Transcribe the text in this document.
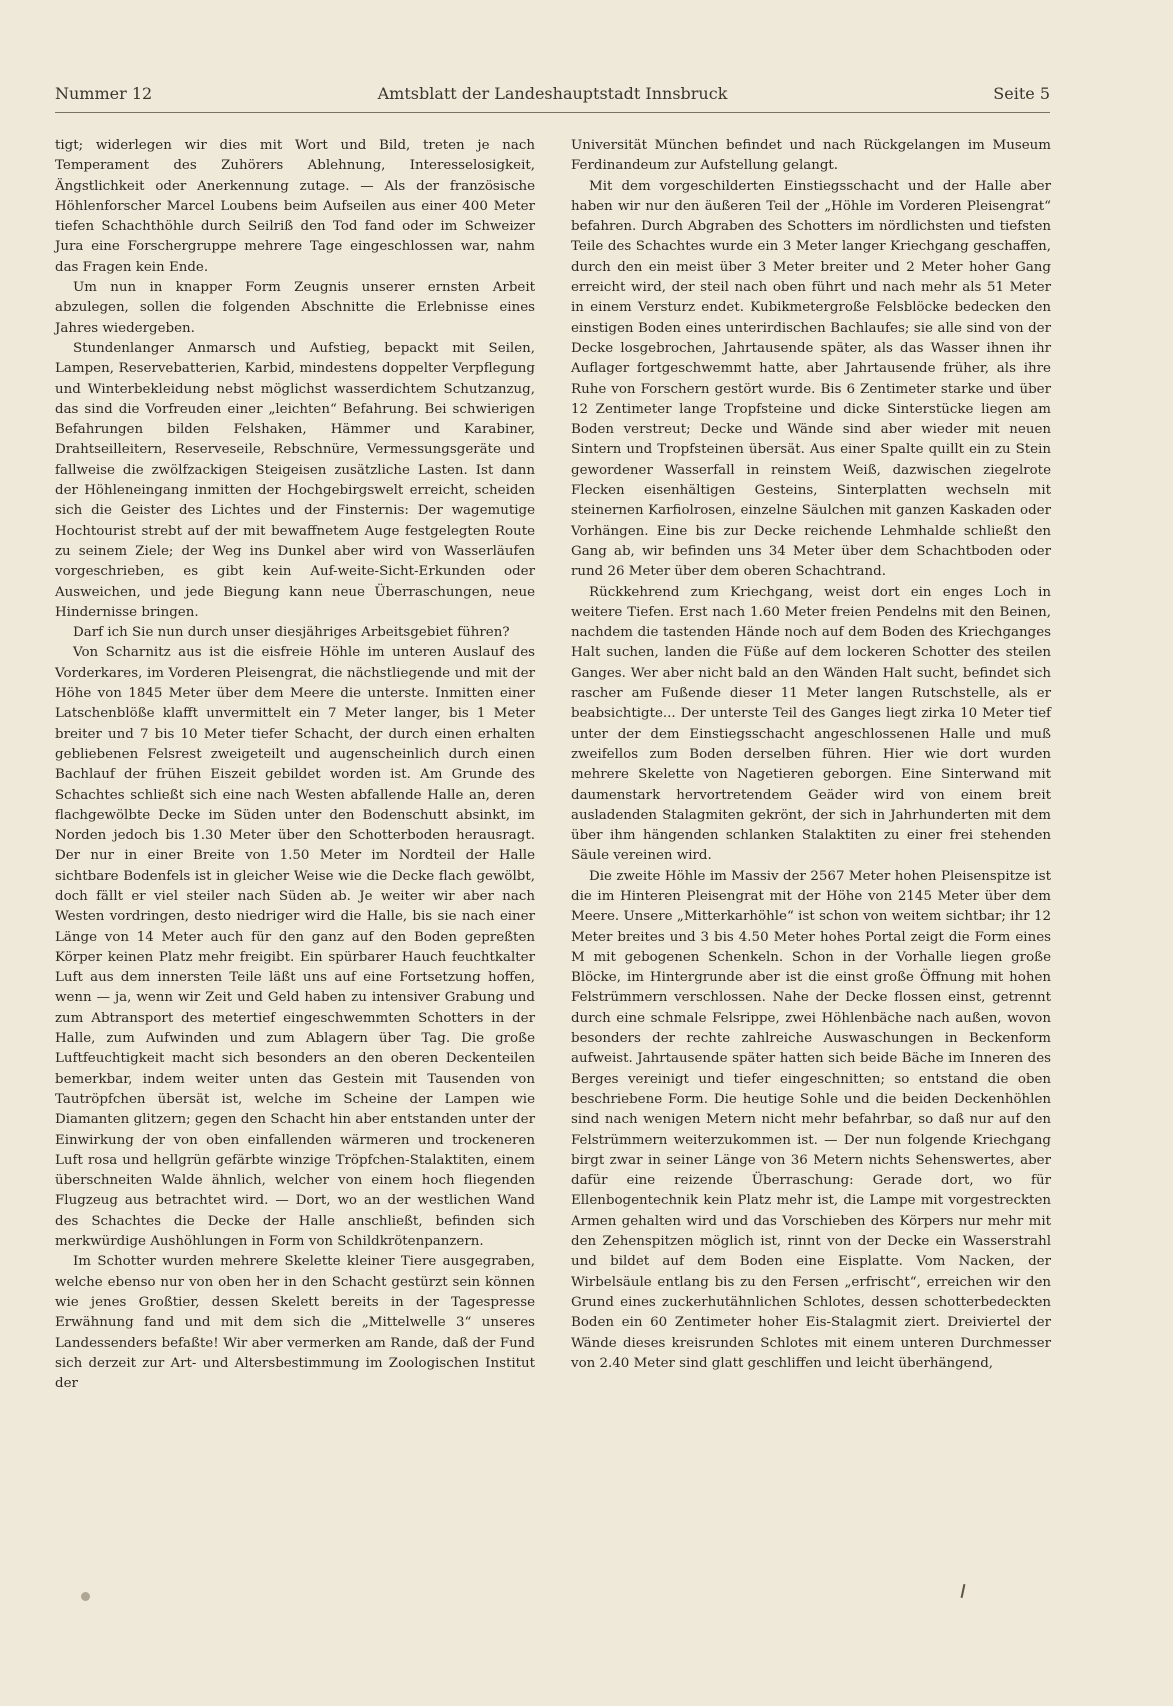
Nummer 12	Amtsblatt der Landeshauptstadt Innsbruck	Seite 5

tigt; widerlegen wir dies mit Wort und Bild, treten je nach Temperament des Zuhörers Ablehnung, Interesselosigkeit, Ängstlichkeit oder Anerkennung zutage. — Als der französische Höhlenforscher Marcel Loubens beim Aufseilen aus einer 400 Meter tiefen Schachthöhle durch Seilriß den Tod fand oder im Schweizer Jura eine Forschergruppe mehrere Tage eingeschlossen war, nahm das Fragen kein Ende.

Um nun in knapper Form Zeugnis unserer ernsten Arbeit abzulegen, sollen die folgenden Abschnitte die Erlebnisse eines Jahres wiedergeben.

Stundenlanger Anmarsch und Aufstieg, bepackt mit Seilen, Lampen, Reservebatterien, Karbid, mindestens doppelter Verpflegung und Winterbekleidung nebst möglichst wasserdichtem Schutzanzug, das sind die Vorfreuden einer „leichten“ Befahrung. Bei schwierigen Befahrungen bilden Felshaken, Hämmer und Karabiner, Drahtseilleitern, Reserveseile, Rebschnüre, Vermessungsgeräte und fallweise die zwölfzackigen Steigeisen zusätzliche Lasten. Ist dann der Höhleneingang inmitten der Hochgebirgswelt erreicht, scheiden sich die Geister des Lichtes und der Finsternis: Der wagemutige Hochtourist strebt auf der mit bewaffnetem Auge festgelegten Route zu seinem Ziele; der Weg ins Dunkel aber wird von Wasserläufen vorgeschrieben, es gibt kein Auf-weite-Sicht-Erkunden oder Ausweichen, und jede Biegung kann neue Überraschungen, neue Hindernisse bringen.

Darf ich Sie nun durch unser diesjähriges Arbeitsgebiet führen?

Von Scharnitz aus ist die eisfreie Höhle im unteren Auslauf des Vorderkares, im Vorderen Pleisengrat, die nächstliegende und mit der Höhe von 1845 Meter über dem Meere die unterste. Inmitten einer Latschenblöße klafft unvermittelt ein 7 Meter langer, bis 1 Meter breiter und 7 bis 10 Meter tiefer Schacht, der durch einen erhalten gebliebenen Felsrest zweigeteilt und augenscheinlich durch einen Bachlauf der frühen Eiszeit gebildet worden ist. Am Grunde des Schachtes schließt sich eine nach Westen abfallende Halle an, deren flachgewölbte Decke im Süden unter den Bodenschutt absinkt, im Norden jedoch bis 1.30 Meter über den Schotterboden herausragt. Der nur in einer Breite von 1.50 Meter im Nordteil der Halle sichtbare Bodenfels ist in gleicher Weise wie die Decke flach gewölbt, doch fällt er viel steiler nach Süden ab. Je weiter wir aber nach Westen vordringen, desto niedriger wird die Halle, bis sie nach einer Länge von 14 Meter auch für den ganz auf den Boden gepreßten Körper keinen Platz mehr freigibt. Ein spürbarer Hauch feuchtkalter Luft aus dem innersten Teile läßt uns auf eine Fortsetzung hoffen, wenn — ja, wenn wir Zeit und Geld haben zu intensiver Grabung und zum Abtransport des metertief eingeschwemmten Schotters in der Halle, zum Aufwinden und zum Ablagern über Tag. Die große Luftfeuchtigkeit macht sich besonders an den oberen Deckenteilen bemerkbar, indem weiter unten das Gestein mit Tausenden von Tautröpfchen übersät ist, welche im Scheine der Lampen wie Diamanten glitzern; gegen den Schacht hin aber entstanden unter der Einwirkung der von oben einfallenden wärmeren und trockeneren Luft rosa und hellgrün gefärbte winzige Tröpfchen-Stalaktiten, einem überschneiten Walde ähnlich, welcher von einem hoch fliegenden Flugzeug aus betrachtet wird. — Dort, wo an der westlichen Wand des Schachtes die Decke der Halle anschließt, befinden sich merkwürdige Aushöhlungen in Form von Schildkrötenpanzern.

Im Schotter wurden mehrere Skelette kleiner Tiere ausgegraben, welche ebenso nur von oben her in den Schacht gestürzt sein können wie jenes Großtier, dessen Skelett bereits in der Tagespresse Erwähnung fand und mit dem sich die „Mittelwelle 3“ unseres Landessenders befaßte! Wir aber vermerken am Rande, daß der Fund sich derzeit zur Art- und Altersbestimmung im Zoologischen Institut der

Universität München befindet und nach Rückgelangen im Museum Ferdinandeum zur Aufstellung gelangt.

Mit dem vorgeschilderten Einstiegsschacht und der Halle aber haben wir nur den äußeren Teil der „Höhle im Vorderen Pleisengrat“ befahren. Durch Abgraben des Schotters im nördlichsten und tiefsten Teile des Schachtes wurde ein 3 Meter langer Kriechgang geschaffen, durch den ein meist über 3 Meter breiter und 2 Meter hoher Gang erreicht wird, der steil nach oben führt und nach mehr als 51 Meter in einem Versturz endet. Kubikmetergroße Felsblöcke bedecken den einstigen Boden eines unterirdischen Bachlaufes; sie alle sind von der Decke losgebrochen, Jahrtausende später, als das Wasser ihnen ihr Auflager fortgeschwemmt hatte, aber Jahrtausende früher, als ihre Ruhe von Forschern gestört wurde. Bis 6 Zentimeter starke und über 12 Zentimeter lange Tropfsteine und dicke Sinterstücke liegen am Boden verstreut; Decke und Wände sind aber wieder mit neuen Sintern und Tropfsteinen übersät. Aus einer Spalte quillt ein zu Stein gewordener Wasserfall in reinstem Weiß, dazwischen ziegelrote Flecken eisenhältigen Gesteins, Sinterplatten wechseln mit steinernen Karfiolrosen, einzelne Säulchen mit ganzen Kaskaden oder Vorhängen. Eine bis zur Decke reichende Lehmhalde schließt den Gang ab, wir befinden uns 34 Meter über dem Schachtboden oder rund 26 Meter über dem oberen Schachtrand.

Rückkehrend zum Kriechgang, weist dort ein enges Loch in weitere Tiefen. Erst nach 1.60 Meter freien Pendelns mit den Beinen, nachdem die tastenden Hände noch auf dem Boden des Kriechganges Halt suchen, landen die Füße auf dem lockeren Schotter des steilen Ganges. Wer aber nicht bald an den Wänden Halt sucht, befindet sich rascher am Fußende dieser 11 Meter langen Rutschstelle, als er beabsichtigte... Der unterste Teil des Ganges liegt zirka 10 Meter tief unter der dem Einstiegsschacht angeschlossenen Halle und muß zweifellos zum Boden derselben führen. Hier wie dort wurden mehrere Skelette von Nagetieren geborgen. Eine Sinterwand mit daumenstark hervortretendem Geäder wird von einem breit ausladenden Stalagmiten gekrönt, der sich in Jahrhunderten mit dem über ihm hängenden schlanken Stalaktiten zu einer frei stehenden Säule vereinen wird.

Die zweite Höhle im Massiv der 2567 Meter hohen Pleisenspitze ist die im Hinteren Pleisengrat mit der Höhe von 2145 Meter über dem Meere. Unsere „Mitterkarhöhle“ ist schon von weitem sichtbar; ihr 12 Meter breites und 3 bis 4.50 Meter hohes Portal zeigt die Form eines M mit gebogenen Schenkeln. Schon in der Vorhalle liegen große Blöcke, im Hintergrunde aber ist die einst große Öffnung mit hohen Felstrümmern verschlossen. Nahe der Decke flossen einst, getrennt durch eine schmale Felsrippe, zwei Höhlenbäche nach außen, wovon besonders der rechte zahlreiche Auswaschungen in Beckenform aufweist. Jahrtausende später hatten sich beide Bäche im Inneren des Berges vereinigt und tiefer eingeschnitten; so entstand die oben beschriebene Form. Die heutige Sohle und die beiden Deckenhöhlen sind nach wenigen Metern nicht mehr befahrbar, so daß nur auf den Felstrümmern weiterzukommen ist. — Der nun folgende Kriechgang birgt zwar in seiner Länge von 36 Metern nichts Sehenswertes, aber dafür eine reizende Überraschung: Gerade dort, wo für Ellenbogentechnik kein Platz mehr ist, die Lampe mit vorgestreckten Armen gehalten wird und das Vorschieben des Körpers nur mehr mit den Zehenspitzen möglich ist, rinnt von der Decke ein Wasserstrahl und bildet auf dem Boden eine Eisplatte. Vom Nacken, der Wirbelsäule entlang bis zu den Fersen „erfrischt“, erreichen wir den Grund eines zuckerhutähnlichen Schlotes, dessen schotterbedeckten Boden ein 60 Zentimeter hoher Eis-Stalagmit ziert. Dreiviertel der Wände dieses kreisrunden Schlotes mit einem unteren Durchmesser von 2.40 Meter sind glatt geschliffen und leicht überhängend,
